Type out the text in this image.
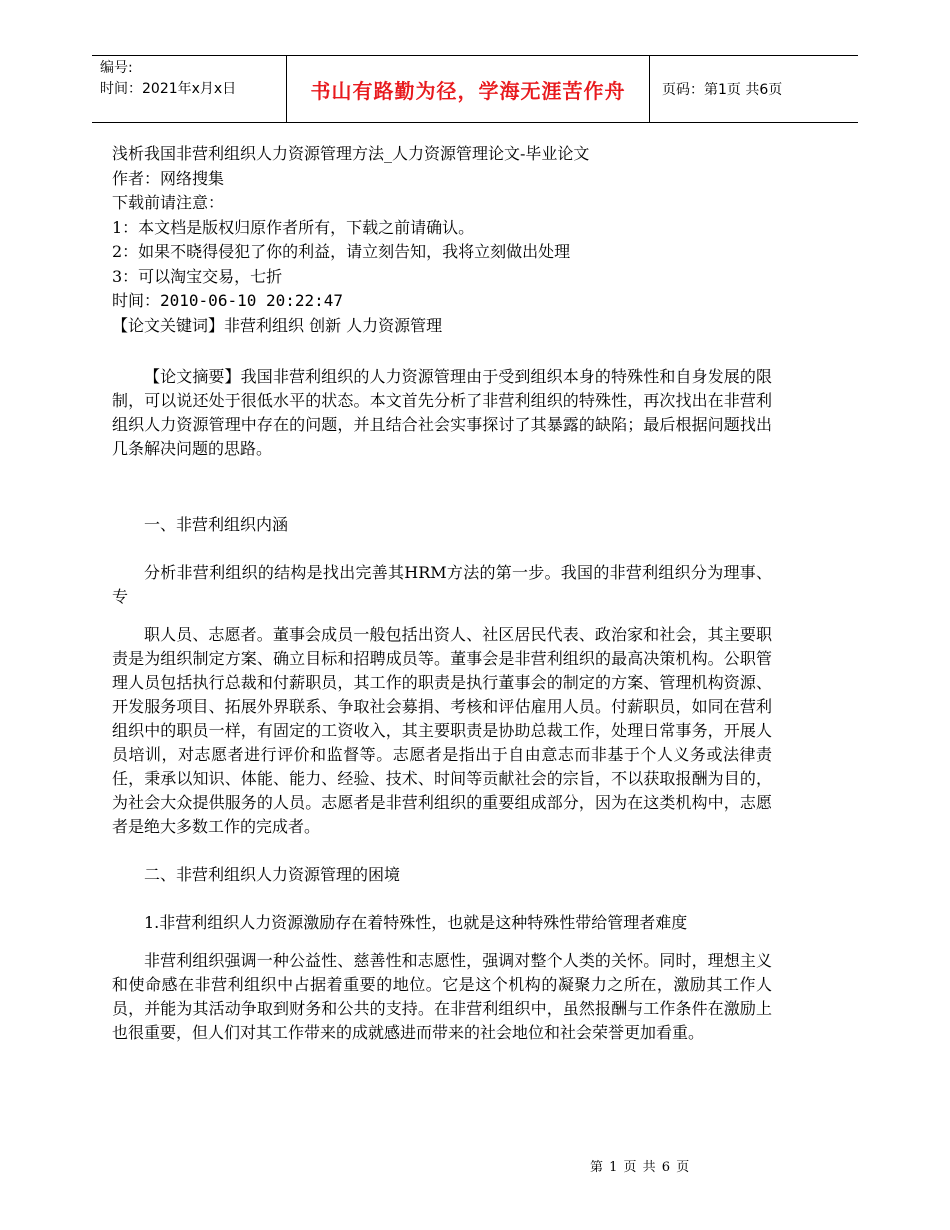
编号:
时间：2021年x月x日	书山有路勤为径，学海无涯苦作舟	页码：第1页 共6页
浅析我国非营利组织人力资源管理方法_人力资源管理论文-毕业论文
作者：网络搜集
下载前请注意：
1：本文档是版权归原作者所有，下载之前请确认。
2：如果不晓得侵犯了你的利益，请立刻告知，我将立刻做出处理
3：可以淘宝交易，七折
时间：2010-06-10 20:22:47
【论文关键词】非营利组织 创新 人力资源管理

【论文摘要】我国非营利组织的人力资源管理由于受到组织本身的特殊性和自身发展的限制，可以说还处于很低水平的状态。本文首先分析了非营利组织的特殊性，再次找出在非营利组织人力资源管理中存在的问题，并且结合社会实事探讨了其暴露的缺陷；最后根据问题找出几条解决问题的思路。

一、非营利组织内涵

分析非营利组织的结构是找出完善其HRM方法的第一步。我国的非营利组织分为理事、专

职人员、志愿者。董事会成员一般包括出资人、社区居民代表、政治家和社会，其主要职责是为组织制定方案、确立目标和招聘成员等。董事会是非营利组织的最高决策机构。公职管理人员包括执行总裁和付薪职员，其工作的职责是执行董事会的制定的方案、管理机构资源、开发服务项目、拓展外界联系、争取社会募捐、考核和评估雇用人员。付薪职员，如同在营利组织中的职员一样，有固定的工资收入，其主要职责是协助总裁工作，处理日常事务，开展人员培训，对志愿者进行评价和监督等。志愿者是指出于自由意志而非基于个人义务或法律责任，秉承以知识、体能、能力、经验、技术、时间等贡献社会的宗旨，不以获取报酬为目的，为社会大众提供服务的人员。志愿者是非营利组织的重要组成部分，因为在这类机构中，志愿者是绝大多数工作的完成者。

二、非营利组织人力资源管理的困境

1.非营利组织人力资源激励存在着特殊性，也就是这种特殊性带给管理者难度

非营利组织强调一种公益性、慈善性和志愿性，强调对整个人类的关怀。同时，理想主义和使命感在非营利组织中占据着重要的地位。它是这个机构的凝聚力之所在，激励其工作人员，并能为其活动争取到财务和公共的支持。在非营利组织中，虽然报酬与工作条件在激励上也很重要，但人们对其工作带来的成就感进而带来的社会地位和社会荣誉更加看重。

第 1 页 共 6 页
